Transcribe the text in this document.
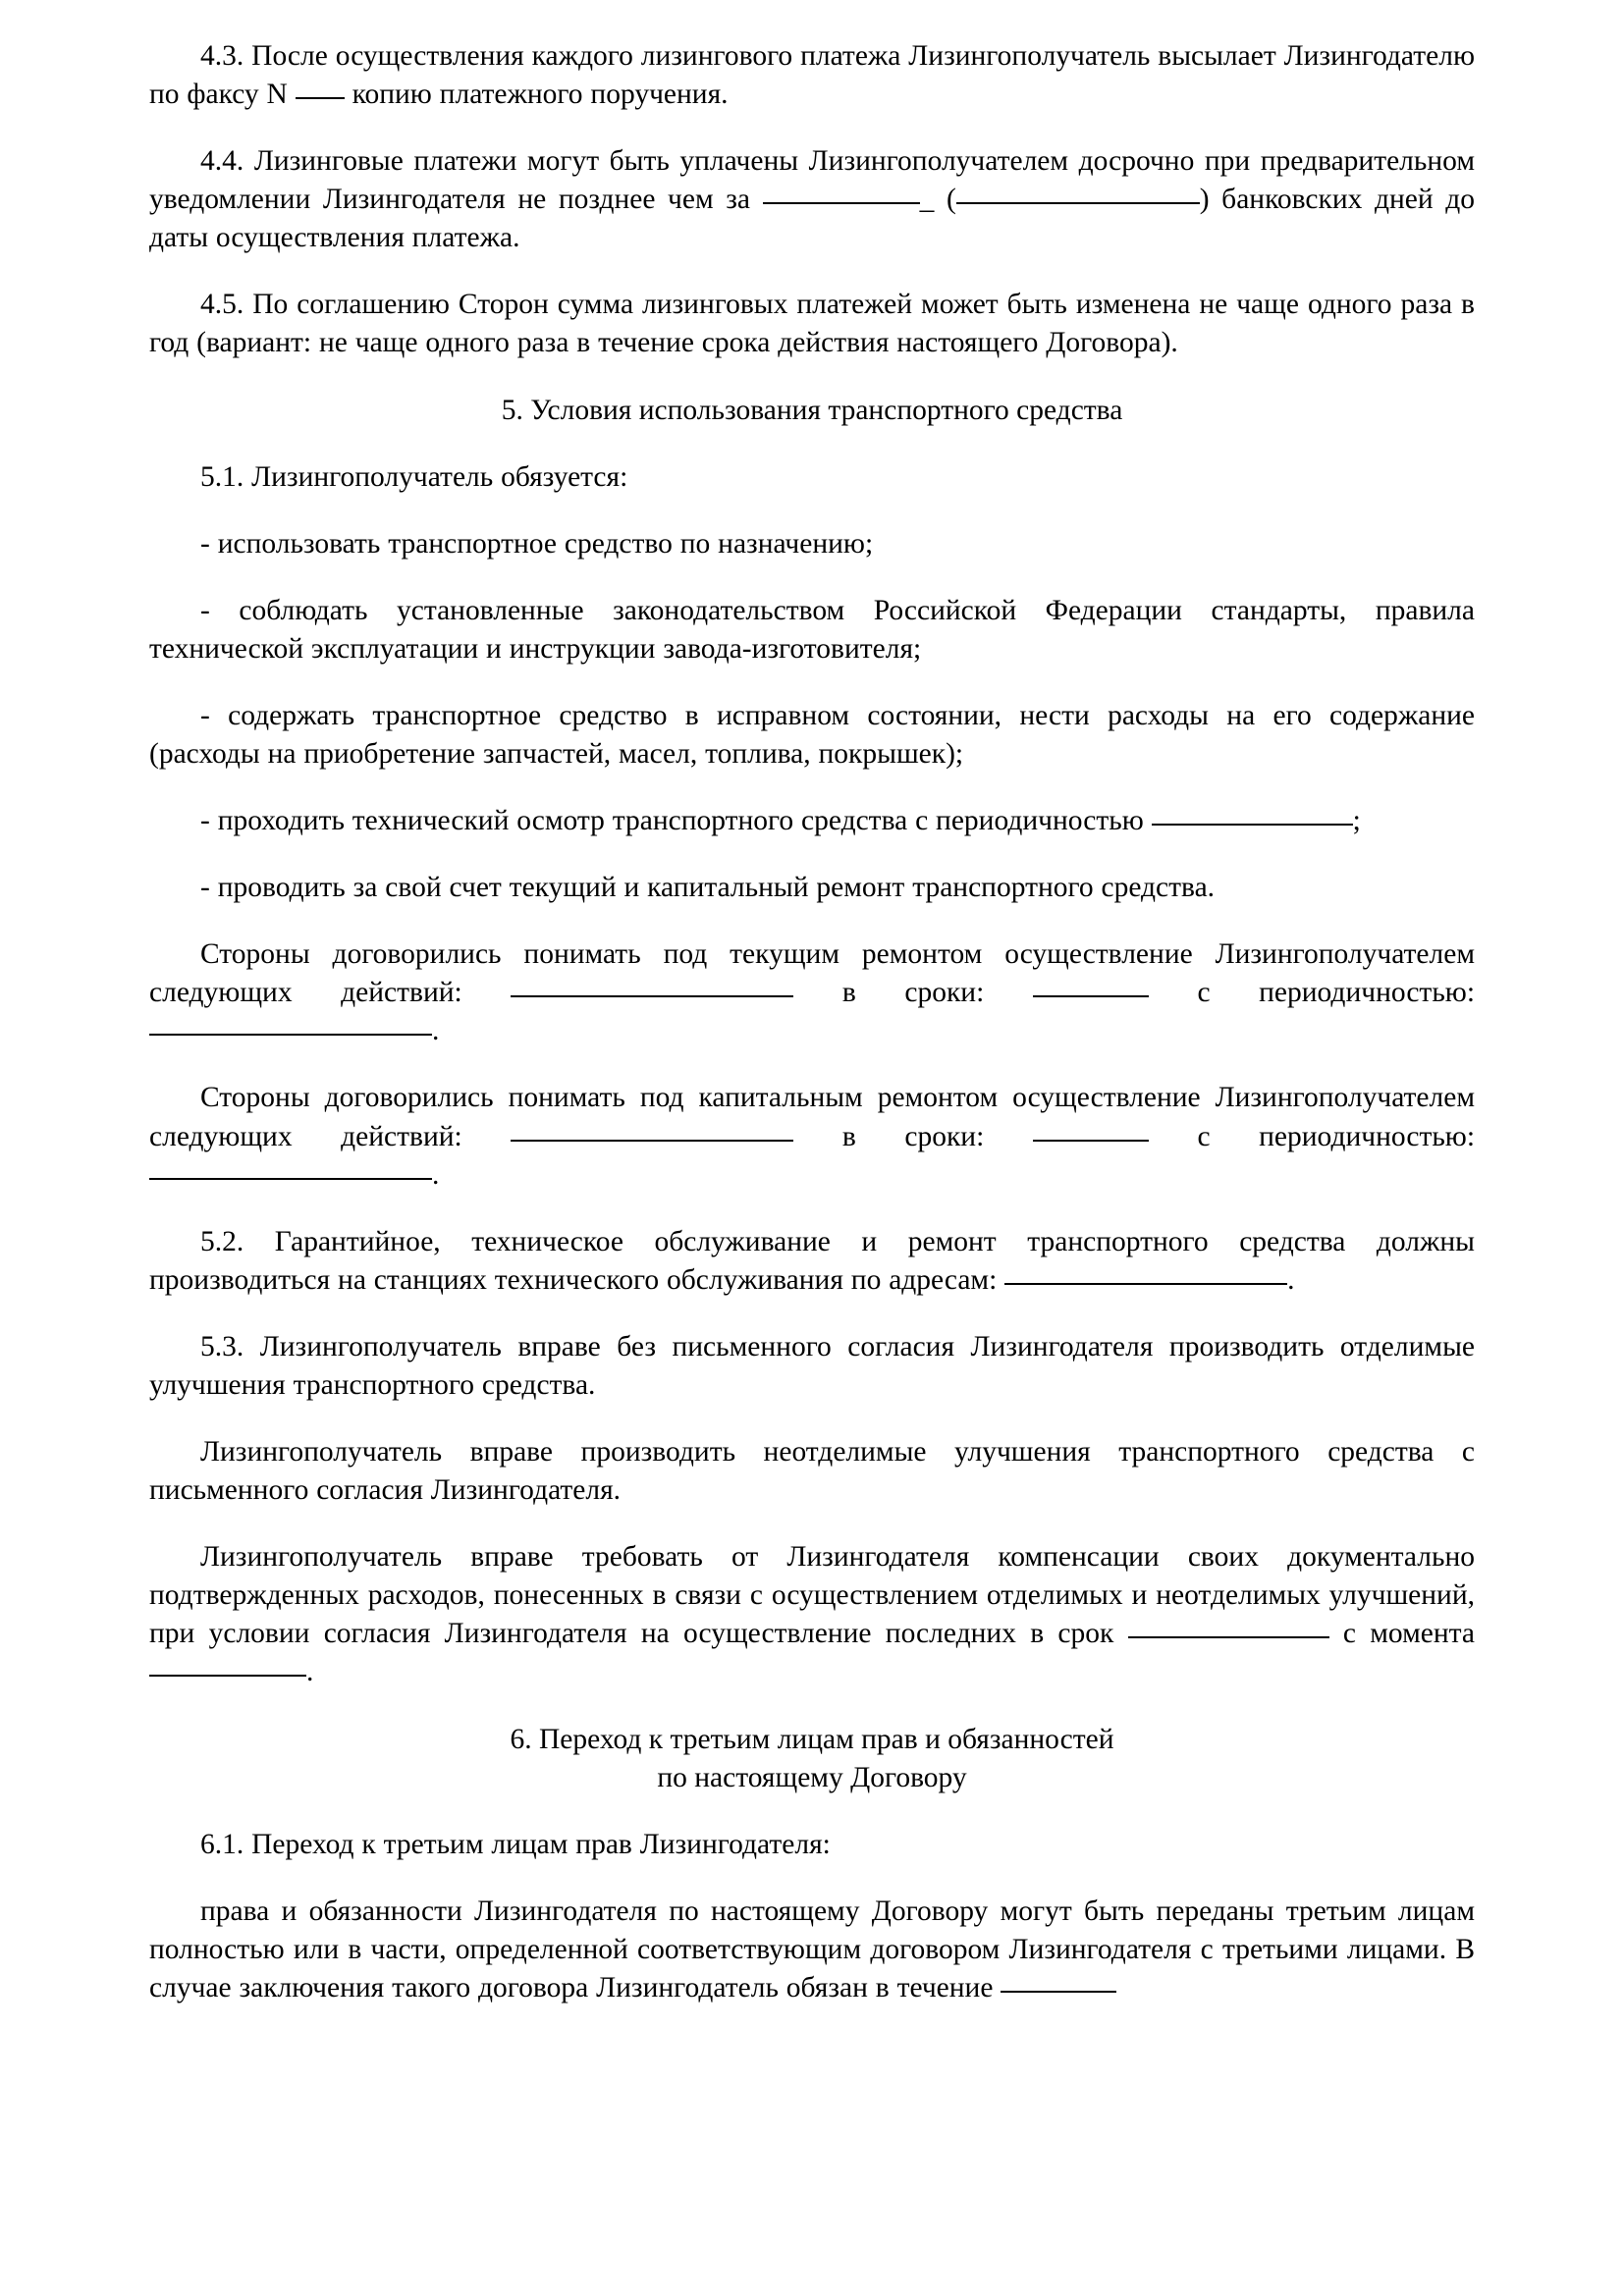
4.3. После осуществления каждого лизингового платежа Лизингополучатель высылает Лизингодателю по факсу N копию платежного поручения.

4.4. Лизинговые платежи могут быть уплачены Лизингополучателем досрочно при предварительном уведомлении Лизингодателя не позднее чем за	_ (	) банковских дней до даты осуществления платежа.

4.5. По соглашению Сторон сумма лизинговых платежей может быть изменена не чаще одного раза в год (вариант: не чаще одного раза в течение срока действия настоящего Договора).

5. Условия использования транспортного средства

5.1. Лизингополучатель обязуется:

- использовать транспортное средство по назначению;

- соблюдать установленные законодательством Российской Федерации стандарты, правила технической эксплуатации и инструкции завода-изготовителя;

- содержать транспортное средство в исправном состоянии, нести расходы на его содержание (расходы на приобретение запчастей, масел, топлива, покрышек);

- проходить технический осмотр транспортного средства с периодичностью	;

- проводить за свой счет текущий и капитальный ремонт транспортного средства.

Стороны договорились понимать под текущим ремонтом осуществление Лизингополучателем следующих действий:	в сроки:	с периодичностью: .

Стороны договорились понимать под капитальным ремонтом осуществление Лизингополучателем следующих действий:	в сроки:	с периодичностью: .

5.2. Гарантийное, техническое обслуживание и ремонт транспортного средства должны производиться на станциях технического обслуживания по адресам:	.

5.3. Лизингополучатель вправе без письменного согласия Лизингодателя производить отделимые улучшения транспортного средства.

Лизингополучатель вправе производить неотделимые улучшения транспортного средства с письменного согласия Лизингодателя.

Лизингополучатель вправе требовать от Лизингодателя компенсации своих документально подтвержденных расходов, понесенных в связи с осуществлением отделимых и неотделимых улучшений, при условии согласия Лизингодателя на осуществление последних в срок	с момента .

6. Переход к третьим лицам прав и обязанностей

по настоящему Договору

6.1. Переход к третьим лицам прав Лизингодателя:

права и обязанности Лизингодателя по настоящему Договору могут быть переданы третьим лицам полностью или в части, определенной соответствующим договором Лизингодателя с третьими лицами. В случае заключения такого договора Лизингодатель обязан в течение
